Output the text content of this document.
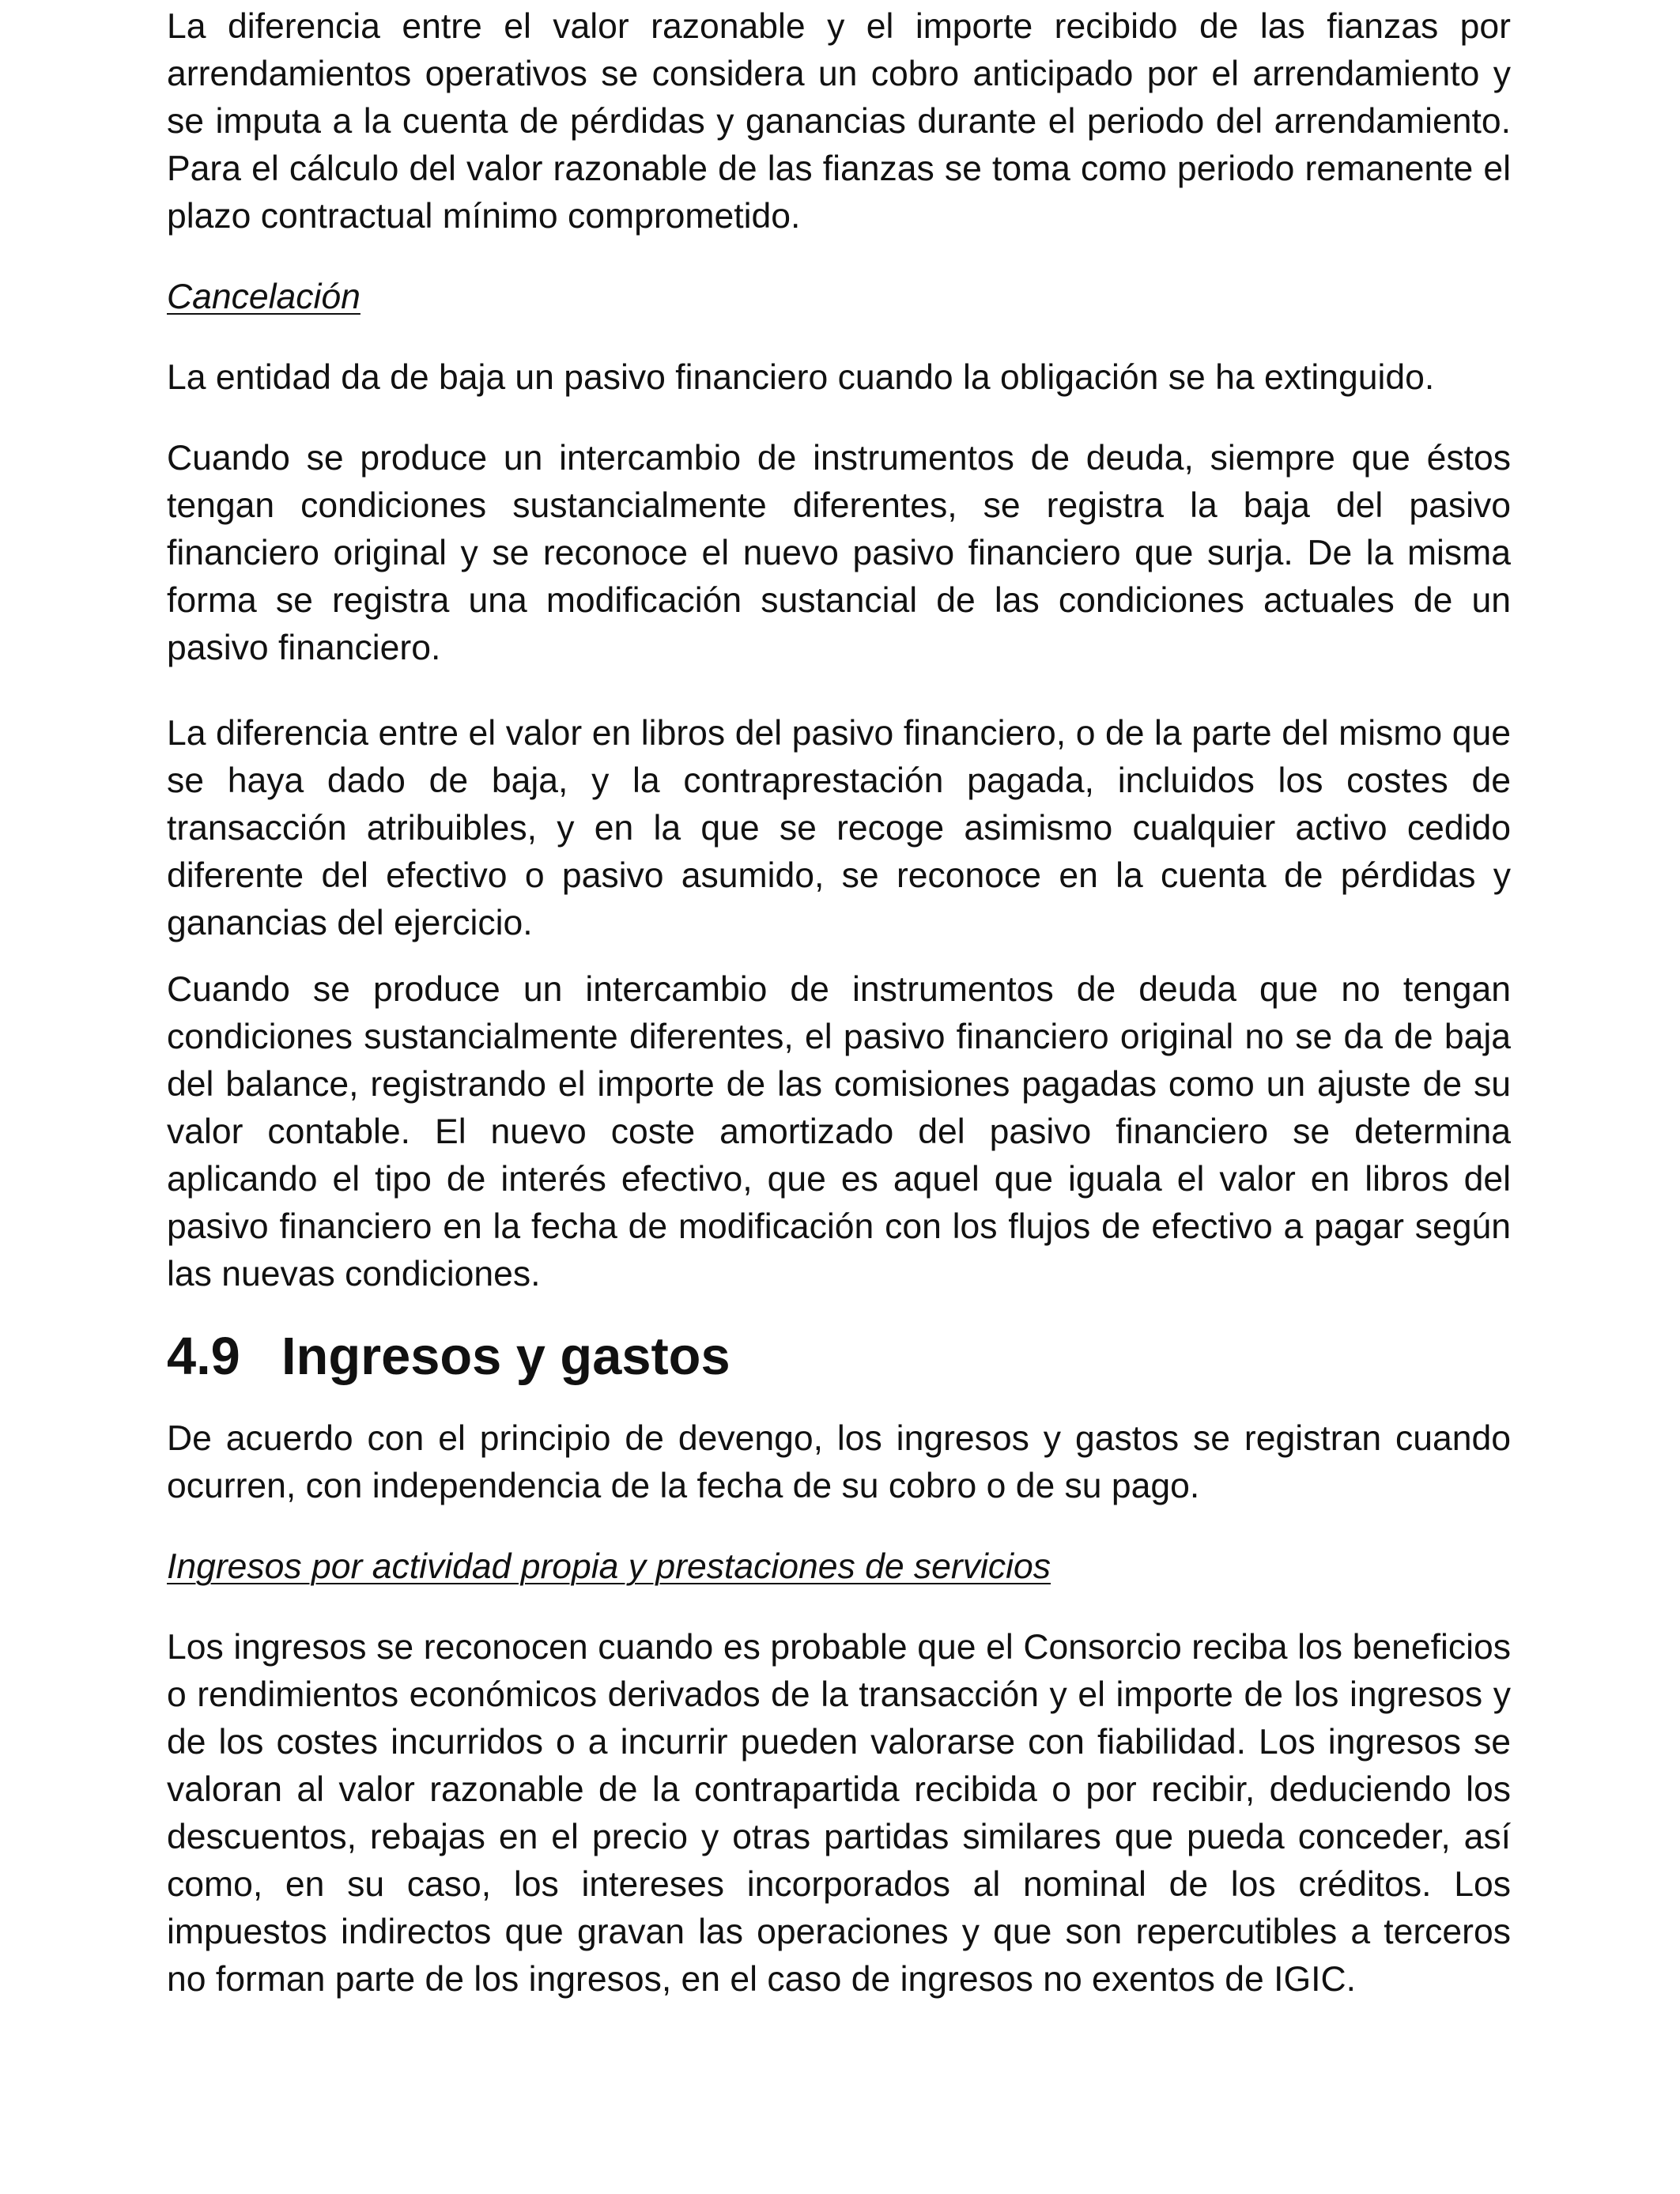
La diferencia entre el valor razonable y el importe recibido de las fianzas por arrendamientos operativos se considera un cobro anticipado por el arrendamiento y se imputa a la cuenta de pérdidas y ganancias durante el periodo del arrendamiento. Para el cálculo del valor razonable de las fianzas se toma como periodo remanente el plazo contractual mínimo comprometido.

Cancelación

La entidad da de baja un pasivo financiero cuando la obligación se ha extinguido.

Cuando se produce un intercambio de instrumentos de deuda, siempre que éstos tengan condiciones sustancialmente diferentes, se registra la baja del pasivo financiero original y se reconoce el nuevo pasivo financiero que surja. De la misma forma se registra una modificación sustancial de las condiciones actuales de un pasivo financiero.

La diferencia entre el valor en libros del pasivo financiero, o de la parte del mismo que se haya dado de baja, y la contraprestación pagada, incluidos los costes de transacción atribuibles, y en la que se recoge asimismo cualquier activo cedido diferente del efectivo o pasivo asumido, se reconoce en la cuenta de pérdidas y ganancias del ejercicio.

Cuando se produce un intercambio de instrumentos de deuda que no tengan condiciones sustancialmente diferentes, el pasivo financiero original no se da de baja del balance, registrando el importe de las comisiones pagadas como un ajuste de su valor contable. El nuevo coste amortizado del pasivo financiero se determina aplicando el tipo de interés efectivo, que es aquel que iguala el valor en libros del pasivo financiero en la fecha de modificación con los flujos de efectivo a pagar según las nuevas condiciones.

4.9 Ingresos y gastos

De acuerdo con el principio de devengo, los ingresos y gastos se registran cuando ocurren, con independencia de la fecha de su cobro o de su pago.

Ingresos por actividad propia y prestaciones de servicios

Los ingresos se reconocen cuando es probable que el Consorcio reciba los beneficios o rendimientos económicos derivados de la transacción y el importe de los ingresos y de los costes incurridos o a incurrir pueden valorarse con fiabilidad. Los ingresos se valoran al valor razonable de la contrapartida recibida o por recibir, deduciendo los descuentos, rebajas en el precio y otras partidas similares que pueda conceder, así como, en su caso, los intereses incorporados al nominal de los créditos. Los impuestos indirectos que gravan las operaciones y que son repercutibles a terceros no forman parte de los ingresos, en el caso de ingresos no exentos de IGIC.
